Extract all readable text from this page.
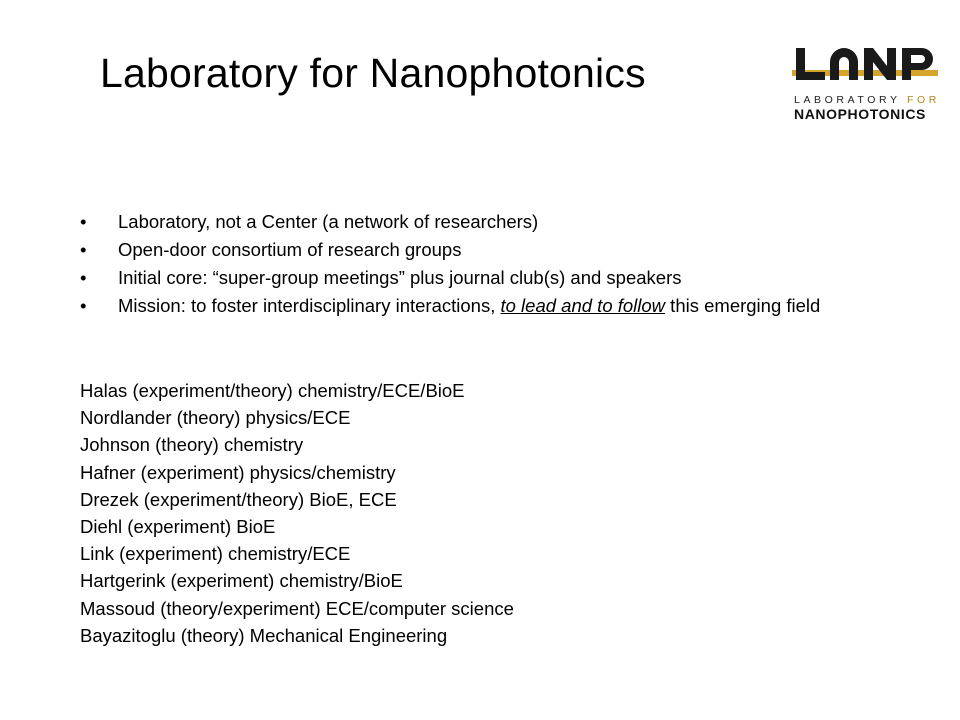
Laboratory for Nanophotonics
LABORATORY FOR
NANOPHOTONICS
• Laboratory, not a Center (a network of researchers)
• Open-door consortium of research groups
• Initial core: “super-group meetings” plus journal club(s) and speakers
• Mission: to foster interdisciplinary interactions, to lead and to follow this emerging field
Halas (experiment/theory) chemistry/ECE/BioE
Nordlander (theory) physics/ECE
Johnson (theory) chemistry
Hafner (experiment) physics/chemistry
Drezek (experiment/theory) BioE, ECE
Diehl (experiment) BioE
Link (experiment) chemistry/ECE
Hartgerink (experiment) chemistry/BioE
Massoud (theory/experiment) ECE/computer science
Bayazitoglu (theory) Mechanical Engineering
